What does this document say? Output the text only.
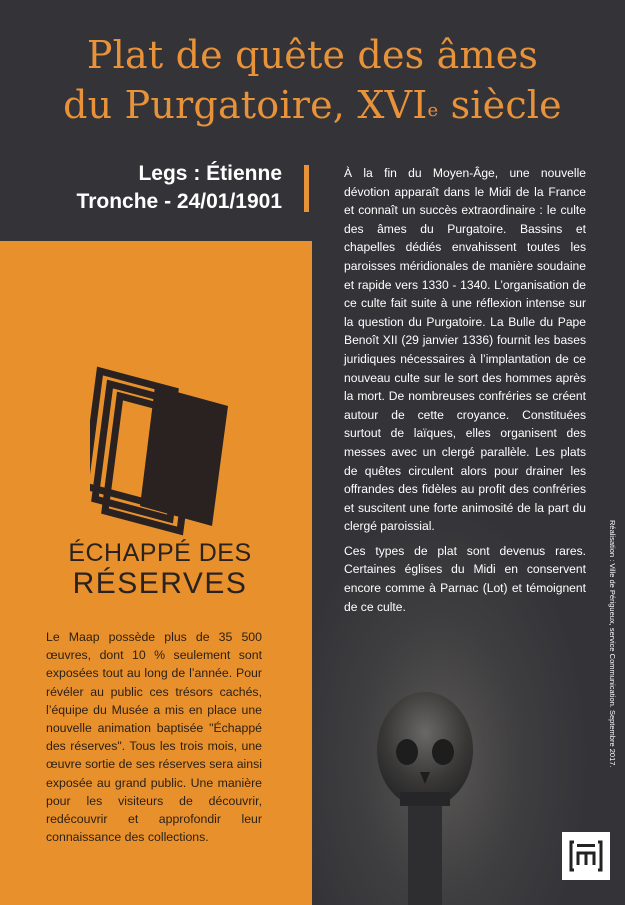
Plat de quête des âmes
du Purgatoire, XVIe siècle
Legs : Étienne
Tronche - 24/01/1901
ÉCHAPPÉ DES
RÉSERVES
Le Maap possède plus de 35 500 œuvres, dont 10 % seulement sont exposées tout au long de l’année. Pour révéler au public ces trésors cachés, l’équipe du Musée a mis en place une nouvelle animation baptisée "Échappé des réserves". Tous les trois mois, une œuvre sortie de ses réserves sera ainsi exposée au grand public. Une manière pour les visiteurs de découvrir, redécouvrir et approfondir leur connaissance des collections.

À la fin du Moyen-Âge, une nouvelle dévotion apparaît dans le Midi de la France et connaît un succès extraordinaire : le culte des âmes du Purgatoire. Bassins et chapelles dédiés envahissent toutes les paroisses méridionales de manière soudaine et rapide vers 1330 - 1340. L’organisation de ce culte fait suite à une réflexion intense sur la question du Purgatoire. La Bulle du Pape Benoît XII (29 janvier 1336) fournit les bases juridiques nécessaires à l’implantation de ce nouveau culte sur le sort des hommes après la mort. De nombreuses confréries se créent autour de cette croyance. Constituées surtout de laïques, elles organisent des messes avec un clergé parallèle. Les plats de quêtes circulent alors pour drainer les offrandes des fidèles au profit des confréries et suscitent une forte animosité de la part du clergé paroissial.

Ces types de plat sont devenus rares. Certaines églises du Midi en conservent encore comme à Parnac (Lot) et témoignent de ce culte.	Réalisation : Ville de Périgueux, service Communication. Septembre 2017.
